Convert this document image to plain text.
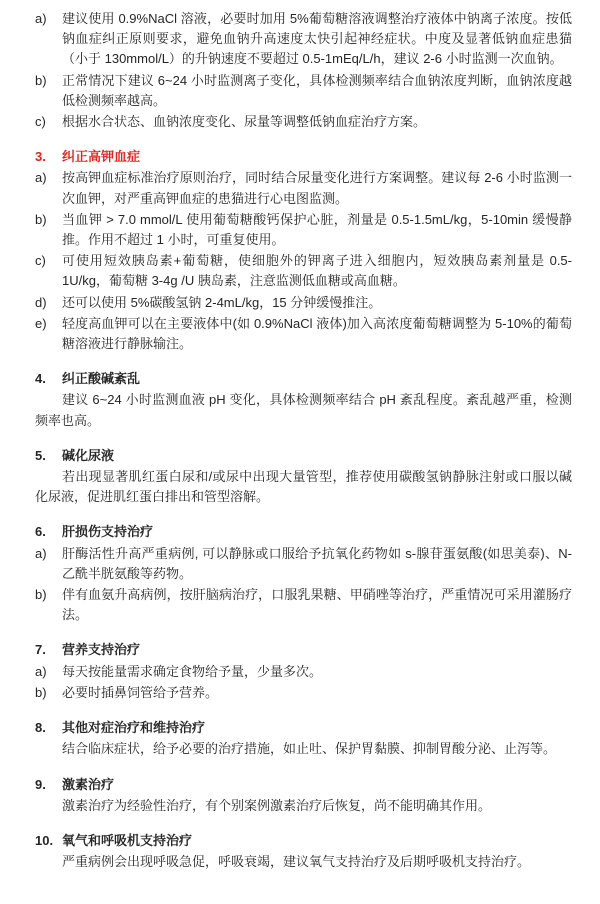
a)	建议使用 0.9%NaCl 溶液，必要时加用 5%葡萄糖溶液调整治疗液体中钠离子浓度。按低钠血症纠正原则要求，避免血钠升高速度太快引起神经症状。中度及显著低钠血症患猫（小于 130mmol/L）的升钠速度不要超过 0.5-1mEq/L/h，建议 2-6 小时监测一次血钠。

b)	正常情况下建议 6~24 小时监测离子变化，具体检测频率结合血钠浓度判断，血钠浓度越低检测频率越高。

c)	根据水合状态、血钠浓度变化、尿量等调整低钠血症治疗方案。

3.	纠正高钾血症
a)	按高钾血症标准治疗原则治疗，同时结合尿量变化进行方案调整。建议每 2-6 小时监测一次血钾，对严重高钾血症的患猫进行心电图监测。

b)	当血钾 > 7.0 mmol/L 使用葡萄糖酸钙保护心脏，剂量是 0.5-1.5mL/kg，5-10min 缓慢静推。作用不超过 1 小时，可重复使用。

c)	可使用短效胰岛素+葡萄糖，使细胞外的钾离子进入细胞内，短效胰岛素剂量是 0.5-1U/kg，葡萄糖 3-4g /U 胰岛素，注意监测低血糖或高血糖。

d)	还可以使用 5%碳酸氢钠 2-4mL/kg，15 分钟缓慢推注。

e)	轻度高血钾可以在主要液体中(如 0.9%NaCl 液体)加入高浓度葡萄糖调整为 5-10%的葡萄糖溶液进行静脉输注。

4.	纠正酸碱紊乱

建议 6~24 小时监测血液 pH 变化，具体检测频率结合 pH 紊乱程度。紊乱越严重，检测频率也高。

5.	碱化尿液

若出现显著肌红蛋白尿和/或尿中出现大量管型，推荐使用碳酸氢钠静脉注射或口服以碱化尿液，促进肌红蛋白排出和管型溶解。

6.	肝损伤支持治疗
a)	肝酶活性升高严重病例, 可以静脉或口服给予抗氧化药物如 s-腺苷蛋氨酸(如思美泰)、N-乙酰半胱氨酸等药物。

b)	伴有血氨升高病例，按肝脑病治疗，口服乳果糖、甲硝唑等治疗，严重情况可采用灌肠疗法。

7.	营养支持治疗
a)	每天按能量需求确定食物给予量，少量多次。

b)	必要时插鼻饲管给予营养。

8.	其他对症治疗和维持治疗

结合临床症状，给予必要的治疗措施，如止吐、保护胃黏膜、抑制胃酸分泌、止泻等。

9.	激素治疗

激素治疗为经验性治疗，有个别案例激素治疗后恢复，尚不能明确其作用。

10. 氧气和呼吸机支持治疗

严重病例会出现呼吸急促，呼吸衰竭，建议氧气支持治疗及后期呼吸机支持治疗。
